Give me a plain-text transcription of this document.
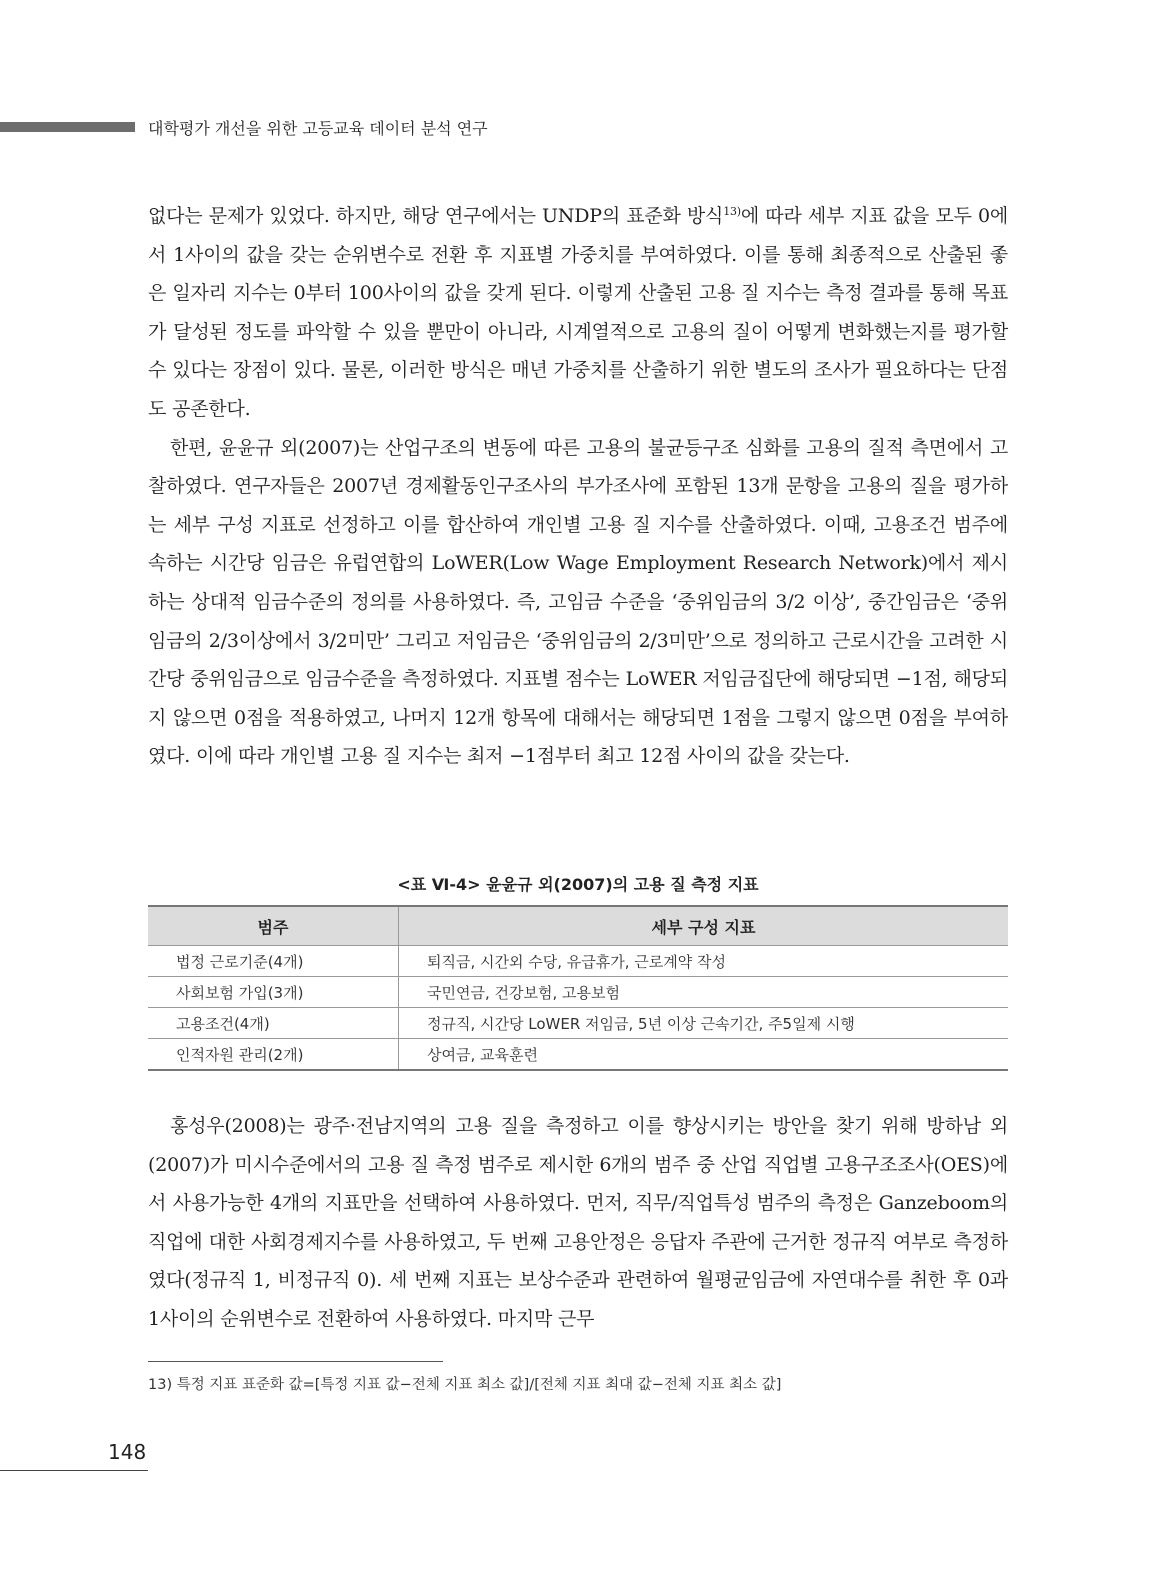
대학평가 개선을 위한 고등교육 데이터 분석 연구

없다는 문제가 있었다. 하지만, 해당 연구에서는 UNDP의 표준화 방식$^{13)}$에 따라 세부 지표 값을 모두 0에서 1사이의 값을 갖는 순위변수로 전환 후 지표별 가중치를 부여하였다. 이를 통해 최종적으로 산출된 좋은 일자리 지수는 0부터 100사이의 값을 갖게 된다. 이렇게 산출된 고용 질 지수는 측정 결과를 통해 목표가 달성된 정도를 파악할 수 있을 뿐만이 아니라, 시계열적으로 고용의 질이 어떻게 변화했는지를 평가할 수 있다는 장점이 있다. 물론, 이러한 방식은 매년 가중치를 산출하기 위한 별도의 조사가 필요하다는 단점도 공존한다.

한편, 윤윤규 외(2007)는 산업구조의 변동에 따른 고용의 불균등구조 심화를 고용의 질적 측면에서 고찰하였다. 연구자들은 2007년 경제활동인구조사의 부가조사에 포함된 13개 문항을 고용의 질을 평가하는 세부 구성 지표로 선정하고 이를 합산하여 개인별 고용 질 지수를 산출하였다. 이때, 고용조건 범주에 속하는 시간당 임금은 유럽연합의 LoWER(Low Wage Employment Research Network)에서 제시하는 상대적 임금수준의 정의를 사용하였다. 즉, 고임금 수준을 ‘중위임금의 3/2 이상’, 중간임금은 ‘중위임금의 2/3이상에서 3/2미만’ 그리고 저임금은 ‘중위임금의 2/3미만’으로 정의하고 근로시간을 고려한 시간당 중위임금으로 임금수준을 측정하였다. 지표별 점수는 LoWER 저임금집단에 해당되면 −1점, 해당되지 않으면 0점을 적용하였고, 나머지 12개 항목에 대해서는 해당되면 1점을 그렇지 않으면 0점을 부여하였다. 이에 따라 개인별 고용 질 지수는 최저 −1점부터 최고 12점 사이의 값을 갖는다.

<표 Ⅵ-4> 윤윤규 외(2007)의 고용 질 측정 지표
범주	세부 구성 지표
법정 근로기준(4개)	퇴직금, 시간외 수당, 유급휴가, 근로계약 작성
사회보험 가입(3개)	국민연금, 건강보험, 고용보험
고용조건(4개)	정규직, 시간당 LoWER 저임금, 5년 이상 근속기간, 주5일제 시행
인적자원 관리(2개)	상여금, 교육훈련

홍성우(2008)는 광주·전남지역의 고용 질을 측정하고 이를 향상시키는 방안을 찾기 위해 방하남 외(2007)가 미시수준에서의 고용 질 측정 범주로 제시한 6개의 범주 중 산업 직업별 고용구조조사(OES)에서 사용가능한 4개의 지표만을 선택하여 사용하였다. 먼저, 직무/직업특성 범주의 측정은 Ganzeboom의 직업에 대한 사회경제지수를 사용하였고, 두 번째 고용안정은 응답자 주관에 근거한 정규직 여부로 측정하였다(정규직 1, 비정규직 0). 세 번째 지표는 보상수준과 관련하여 월평균임금에 자연대수를 취한 후 0과 1사이의 순위변수로 전환하여 사용하였다. 마지막 근무

13) 특정 지표 표준화 값=[특정 지표 값−전체 지표 최소 값]/[전체 지표 최대 값−전체 지표 최소 값]
148
